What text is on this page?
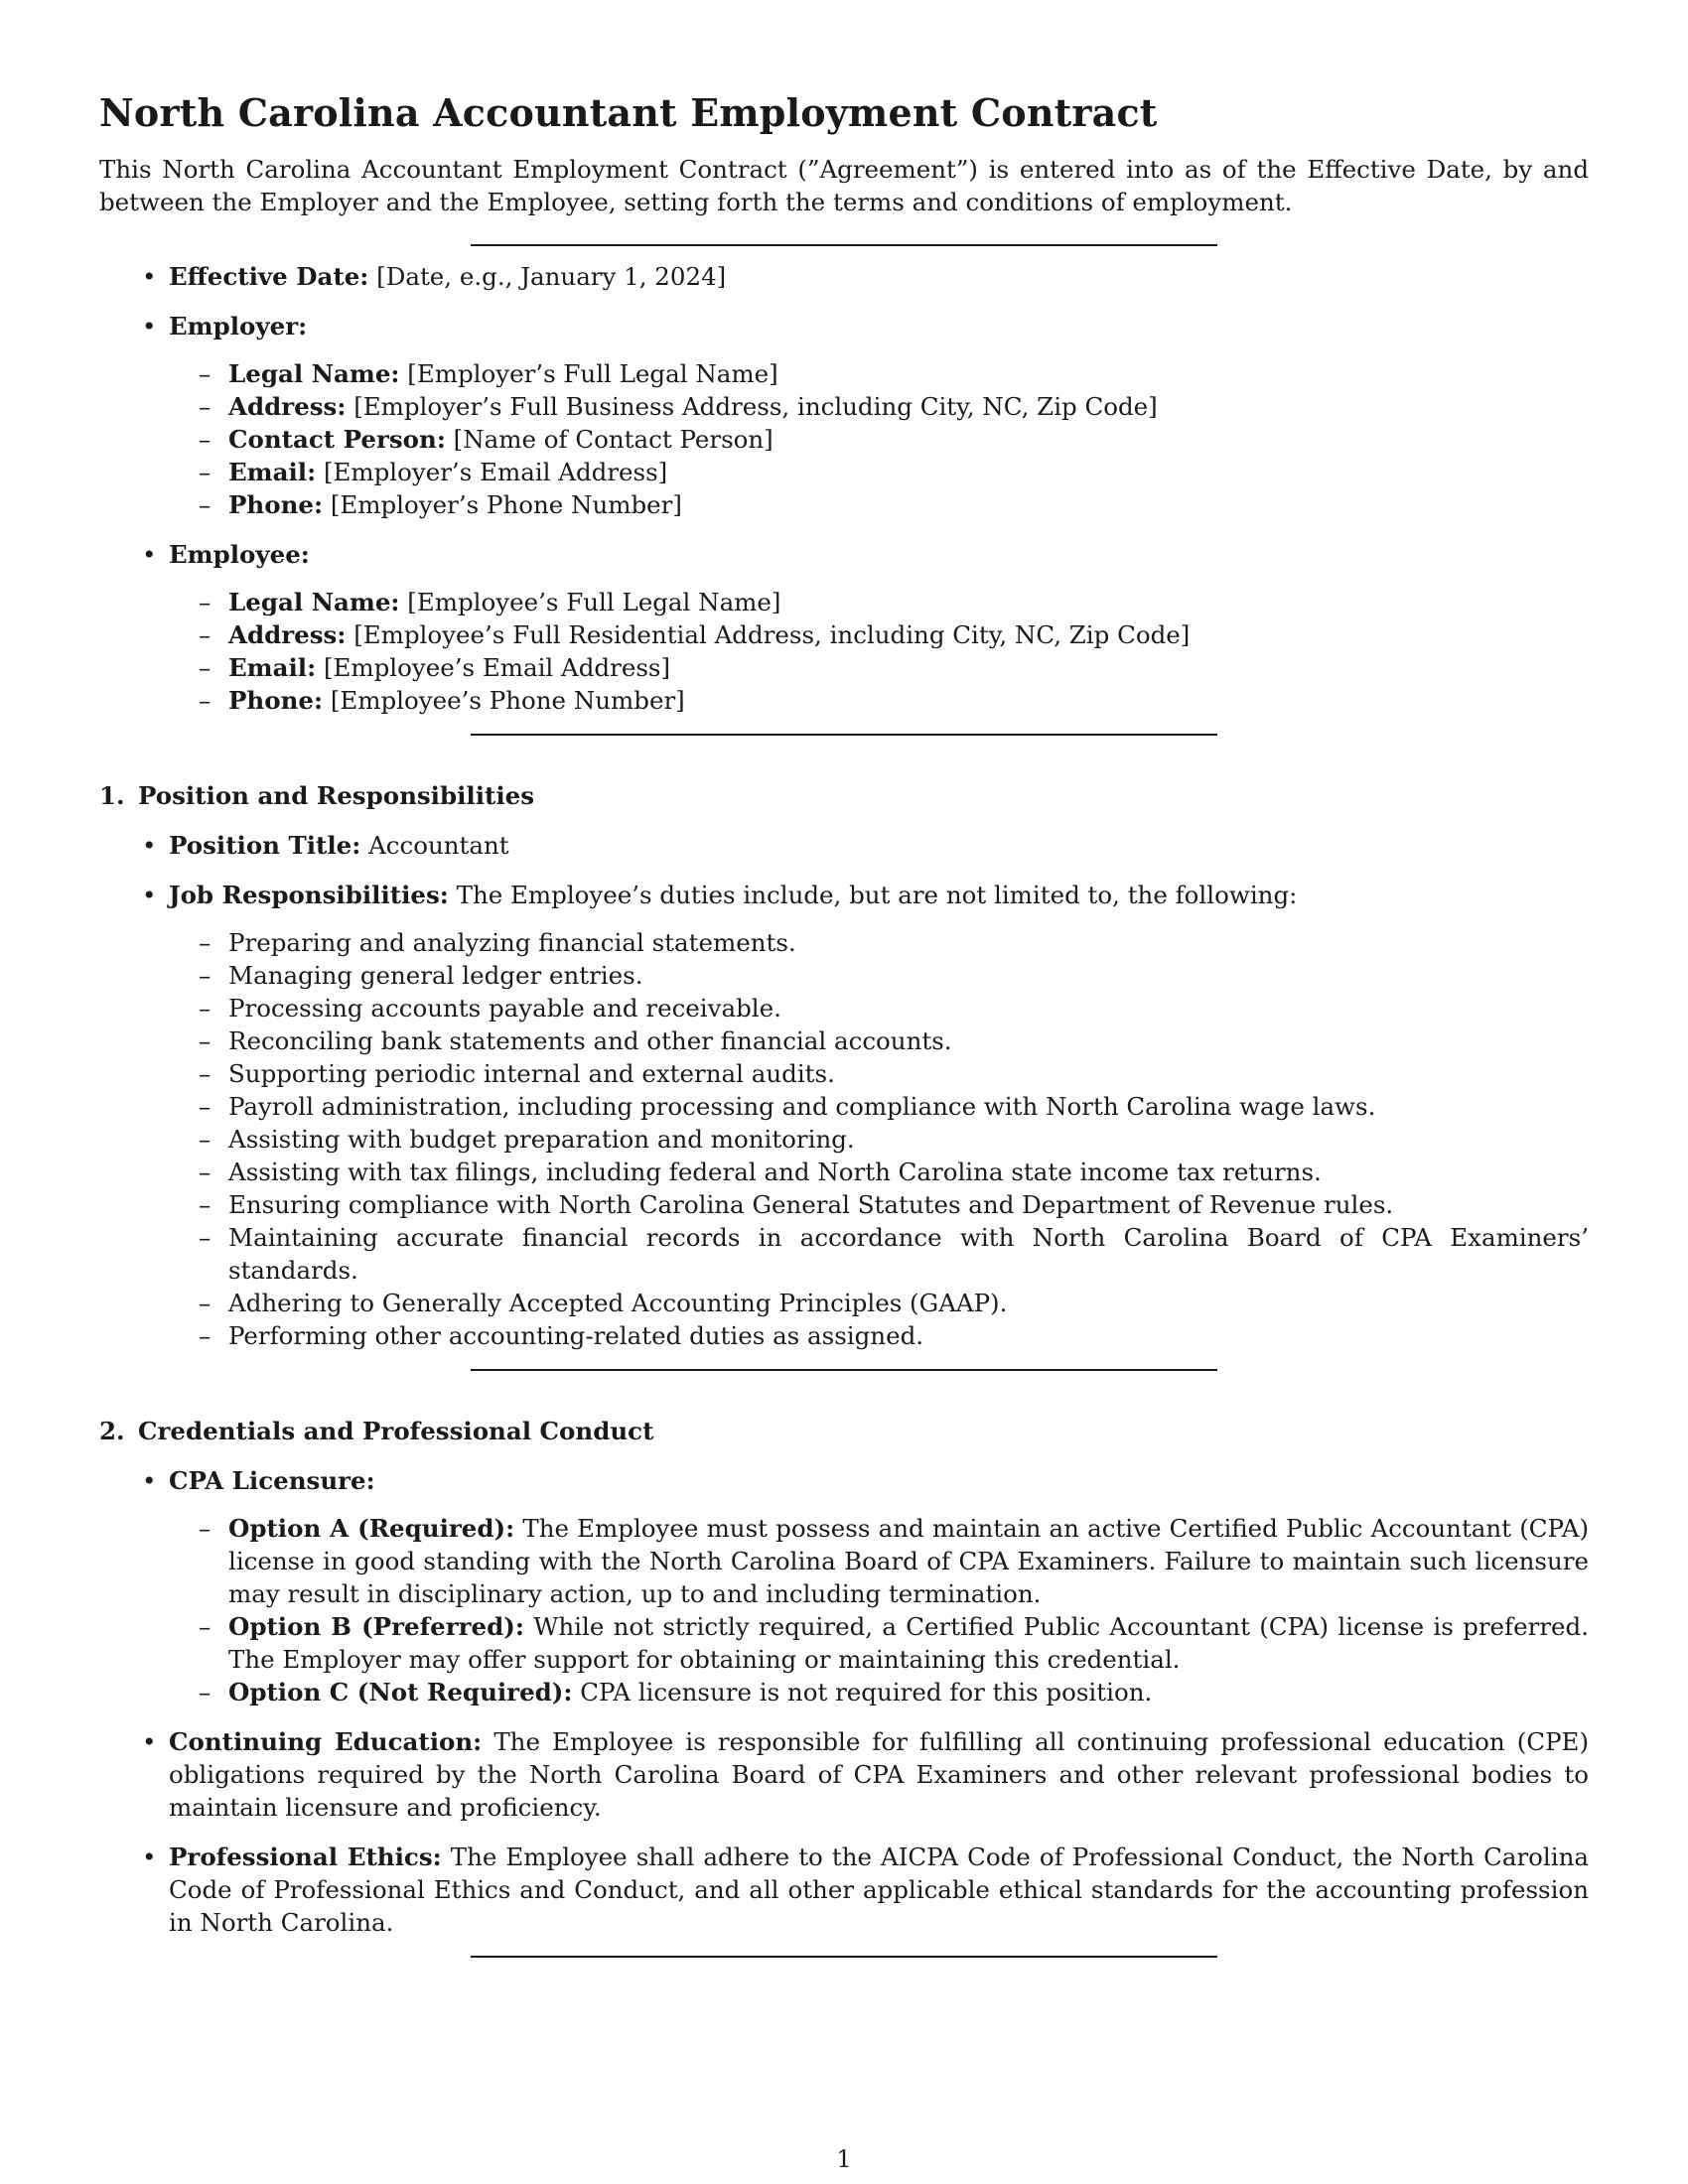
North Carolina Accountant Employment Contract

This North Carolina Accountant Employment Contract (”Agreement”) is entered into as of the Effective Date, by and between the Employer and the Employee, setting forth the terms and conditions of employment.

• Effective Date: [Date, e.g., January 1, 2024]
• Employer:
– Legal Name: [Employer’s Full Legal Name]
– Address: [Employer’s Full Business Address, including City, NC, Zip Code]
– Contact Person: [Name of Contact Person]
– Email: [Employer’s Email Address]
– Phone: [Employer’s Phone Number]
• Employee:
– Legal Name: [Employee’s Full Legal Name]
– Address: [Employee’s Full Residential Address, including City, NC, Zip Code]
– Email: [Employee’s Email Address]
– Phone: [Employee’s Phone Number]
1. Position and Responsibilities
• Position Title: Accountant
• Job Responsibilities: The Employee’s duties include, but are not limited to, the following:
– Preparing and analyzing financial statements.
– Managing general ledger entries.
– Processing accounts payable and receivable.
– Reconciling bank statements and other financial accounts.
– Supporting periodic internal and external audits.
– Payroll administration, including processing and compliance with North Carolina wage laws.
– Assisting with budget preparation and monitoring.
– Assisting with tax filings, including federal and North Carolina state income tax returns.
– Ensuring compliance with North Carolina General Statutes and Department of Revenue rules.
– Maintaining accurate financial records in accordance with North Carolina Board of CPA Examiners’ standards.
– Adhering to Generally Accepted Accounting Principles (GAAP).
– Performing other accounting-related duties as assigned.
2. Credentials and Professional Conduct
• CPA Licensure:
– Option A (Required): The Employee must possess and maintain an active Certified Public Accountant (CPA) license in good standing with the North Carolina Board of CPA Examiners. Failure to maintain such licensure may result in disciplinary action, up to and including termination.
– Option B (Preferred): While not strictly required, a Certified Public Accountant (CPA) license is preferred. The Employer may offer support for obtaining or maintaining this credential.
– Option C (Not Required): CPA licensure is not required for this position.
• Continuing Education: The Employee is responsible for fulfilling all continuing professional education (CPE) obligations required by the North Carolina Board of CPA Examiners and other relevant professional bodies to maintain licensure and proficiency.
• Professional Ethics: The Employee shall adhere to the AICPA Code of Professional Conduct, the North Carolina Code of Professional Ethics and Conduct, and all other applicable ethical standards for the accounting profession in North Carolina.
1
